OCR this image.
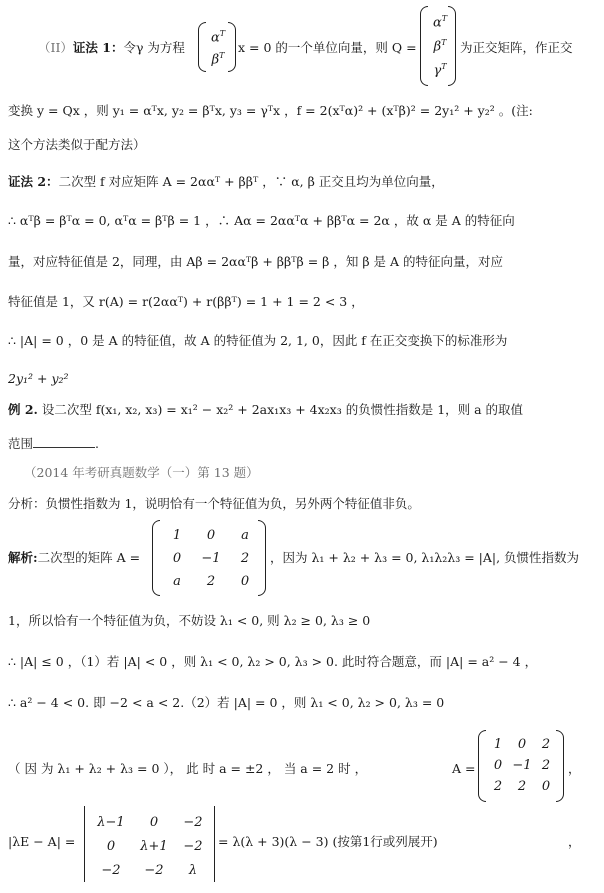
（II）证法 1：令γ 为方程
$\alpha^T$
$\beta^T$
x = 0 的一个单位向量，则 Q =
$\alpha^T$
$\beta^T$
$\gamma^T$
为正交矩阵，作正交
变换 y = Qx ，则 y₁ = αᵀx, y₂ = βᵀx, y₃ = γᵀx ，f = 2(xᵀα)² + (xᵀβ)² = 2y₁² + y₂² 。(注:
这个方法类似于配方法）
证法 2：二次型 f 对应矩阵 A = 2ααᵀ + ββᵀ ，∵ α, β 正交且均为单位向量，
∴ αᵀβ = βᵀα = 0, αᵀα = βᵀβ = 1 ，∴ Aα = 2ααᵀα + ββᵀα = 2α ，故 α 是 A 的特征向
量，对应特征值是 2，同理，由 Aβ = 2ααᵀβ + ββᵀβ = β ，知 β 是 A 的特征向量，对应
特征值是 1，又 r(A) = r(2ααᵀ) + r(ββᵀ) = 1 + 1 = 2 < 3 ，
∴ |A| = 0 ，0 是 A 的特征值，故 A 的特征值为 2, 1, 0，因此 f 在正交变换下的标准形为
2y₁² + y₂²
例 2. 设二次型 f(x₁, x₂, x₃) = x₁² − x₂² + 2ax₁x₃ + 4x₂x₃ 的负惯性指数是 1，则 a 的取值
范围	.
（2014 年考研真题数学（一）第 13 题）
分析：负惯性指数为 1，说明恰有一个特征值为负，另外两个特征值非负。
解析:二次型的矩阵 A =
1	0	a
0	−1	2
a	2	0
，因为 λ₁ + λ₂ + λ₃ = 0, λ₁λ₂λ₃ = |A|, 负惯性指数为
1，所以恰有一个特征值为负，不妨设 λ₁ < 0, 则 λ₂ ≥ 0, λ₃ ≥ 0
∴ |A| ≤ 0 ，（1）若 |A| < 0 ，则 λ₁ < 0, λ₂ > 0, λ₃ > 0. 此时符合题意，而 |A| = a² − 4 ，
∴ a² − 4 < 0. 即 −2 < a < 2.（2）若 |A| = 0 ，则 λ₁ < 0, λ₂ > 0, λ₃ = 0
（ 因 为 λ₁ + λ₂ + λ₃ = 0 ）， 此 时 a = ±2 ， 当 a = 2 时 ，	A =
1	0	2
0 −1 2
2	2	0
，
|λE − A| =
λ−1	0	−2
0	λ+1	−2
−2	−2	λ
= λ(λ + 3)(λ − 3) (按第1行或列展开)	，
